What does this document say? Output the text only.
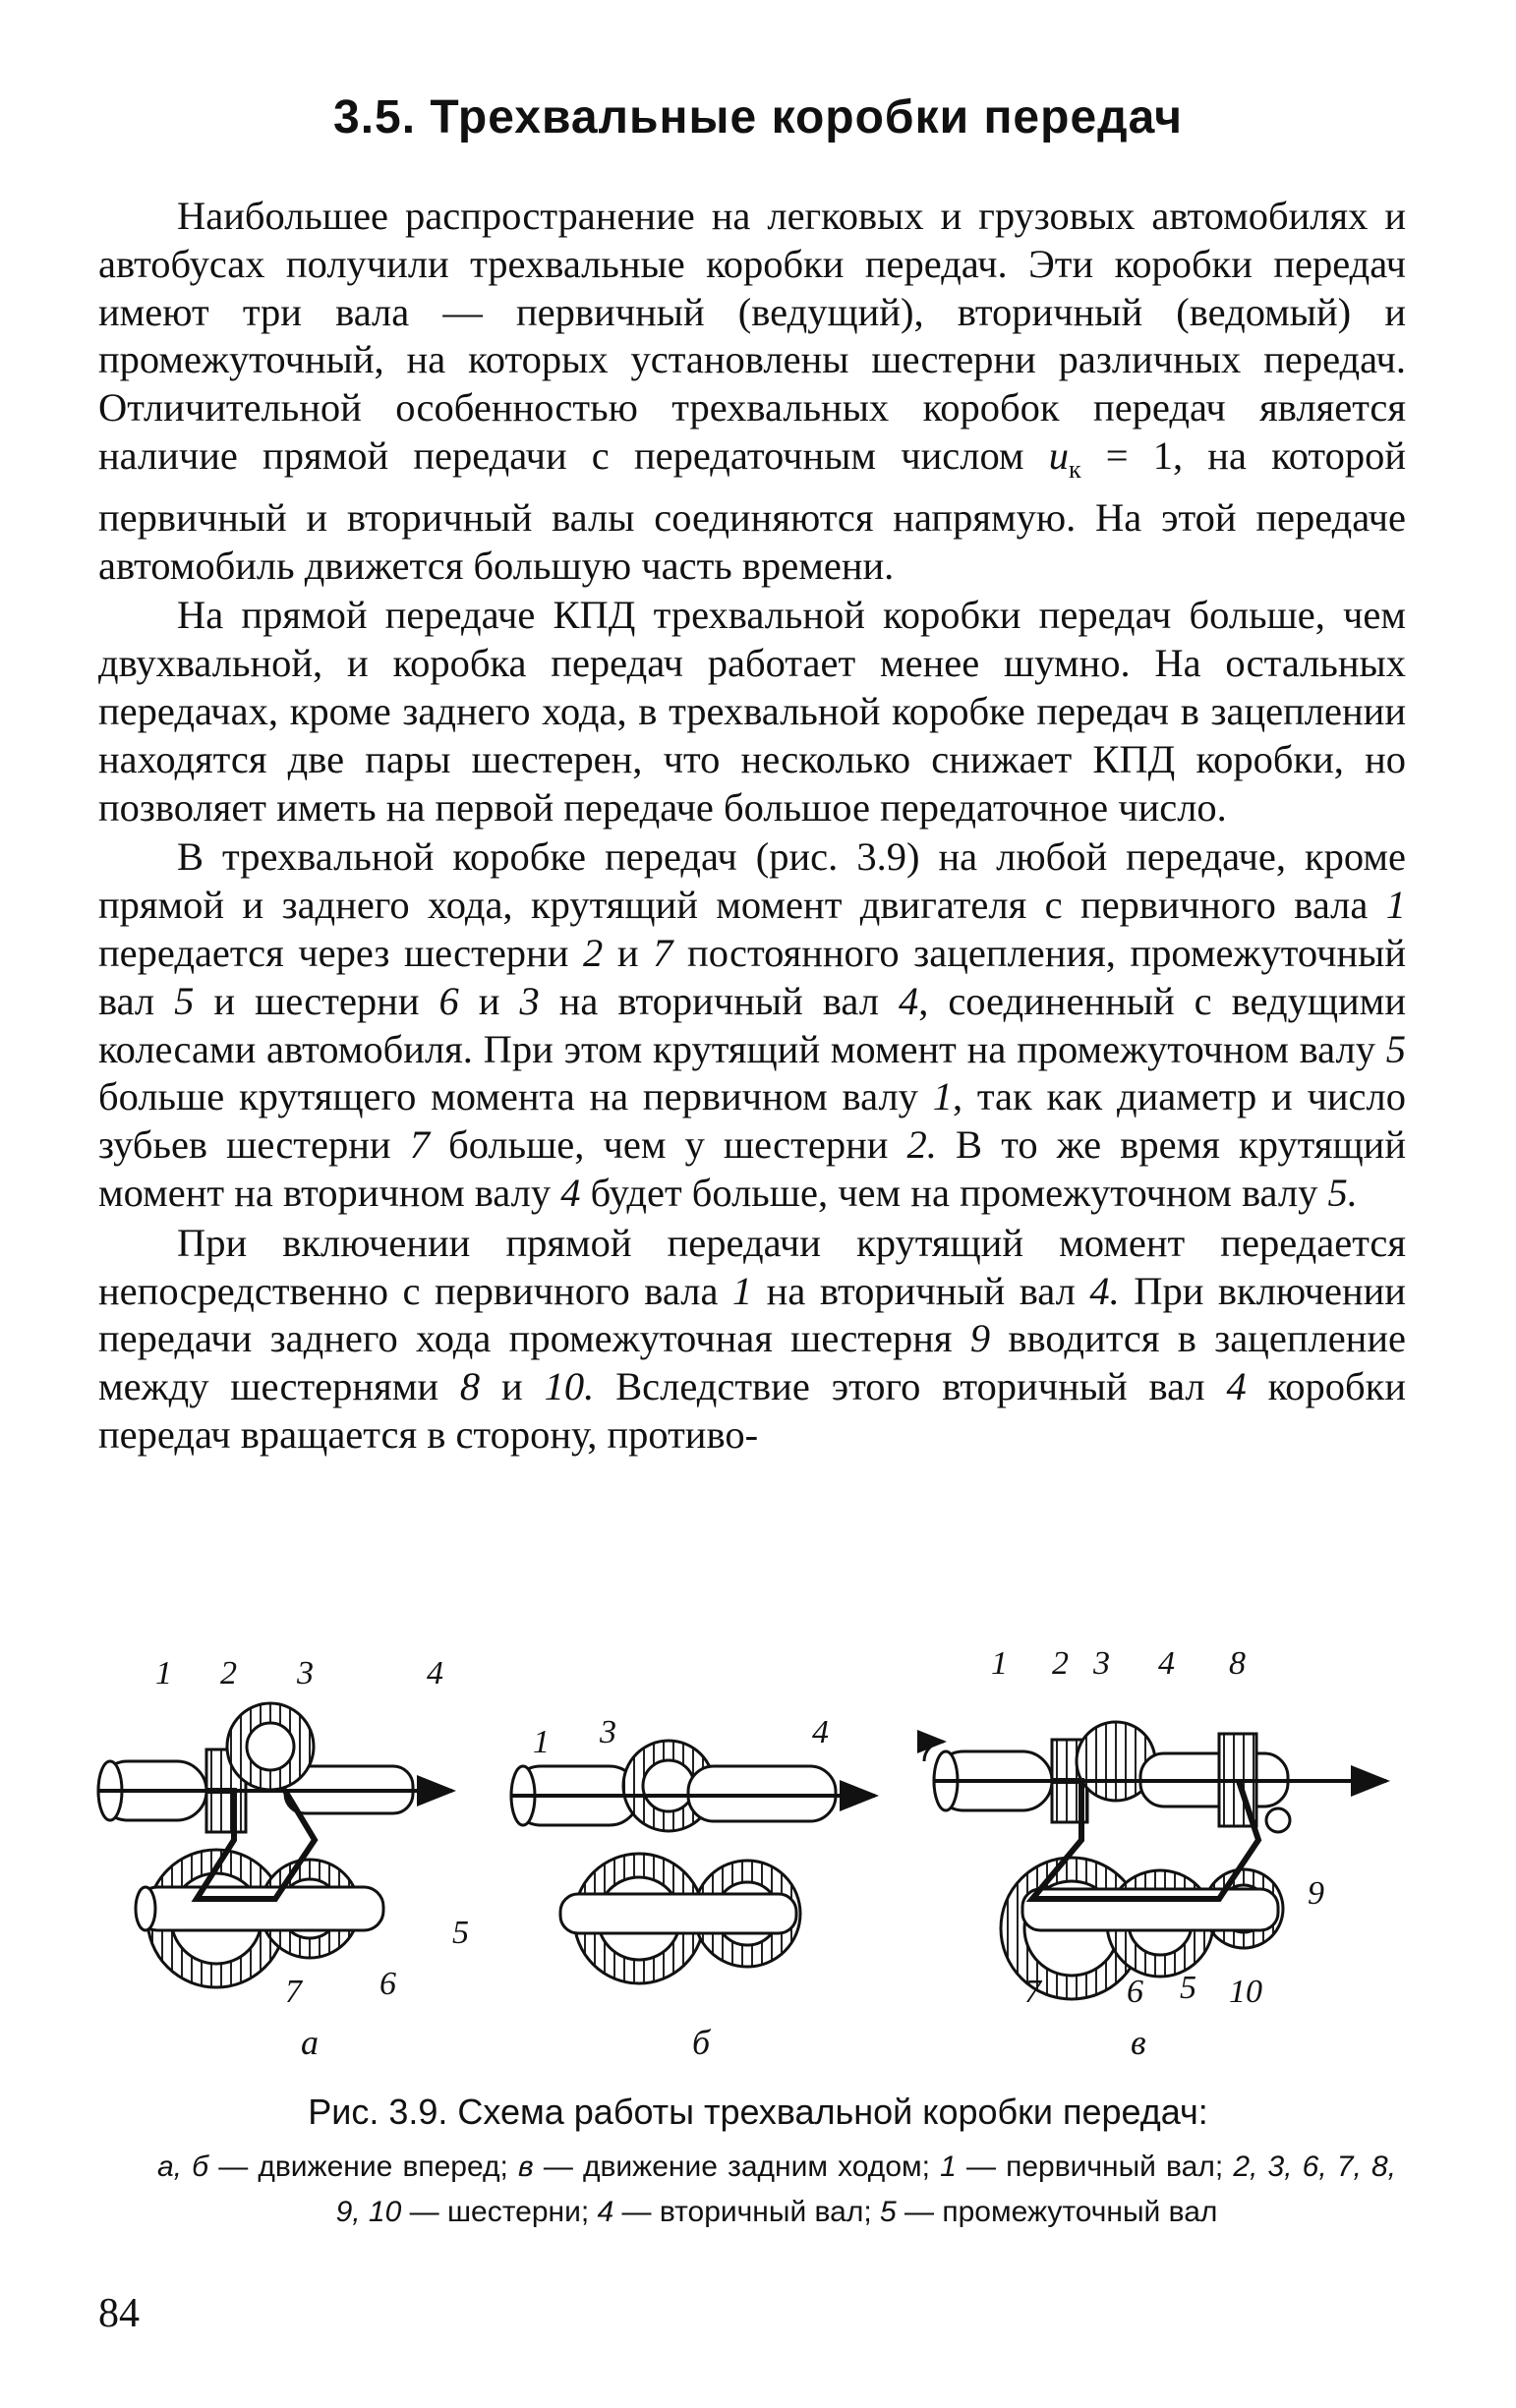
3.5. Трехвальные коробки передач

Наибольшее распространение на легковых и грузовых автомобилях и автобусах получили трехвальные коробки передач. Эти коробки передач имеют три вала — первичный (ведущий), вторичный (ведомый) и промежуточный, на которых установлены шестерни различных передач. Отличительной особенностью трехвальных коробок передач является наличие прямой передачи с передаточным числом $u_к = 1$, на которой первичный и вторичный валы соединяются напрямую. На этой передаче автомобиль движется большую часть времени.

На прямой передаче КПД трехвальной коробки передач больше, чем двухвальной, и коробка передач работает менее шумно. На остальных передачах, кроме заднего хода, в трехвальной коробке передач в зацеплении находятся две пары шестерен, что несколько снижает КПД коробки, но позволяет иметь на первой передаче большое передаточное число.

В трехвальной коробке передач (рис. 3.9) на любой передаче, кроме прямой и заднего хода, крутящий момент двигателя с первичного вала 1 передается через шестерни 2 и 7 постоянного зацепления, промежуточный вал 5 и шестерни 6 и 3 на вторичный вал 4, соединенный с ведущими колесами автомобиля. При этом крутящий момент на промежуточном валу 5 больше крутящего момента на первичном валу 1, так как диаметр и число зубьев шестерни 7 больше, чем у шестерни 2. В то же время крутящий момент на вторичном валу 4 будет больше, чем на промежуточном валу 5.

При включении прямой передачи крутящий момент передается непосредственно с первичного вала 1 на вторичный вал 4. При включении передачи заднего хода промежуточная шестерня 9 вводится в зацепление между шестернями 8 и 10. Вследствие этого вторичный вал 4 коробки передач вращается в сторону, противо-

1 2 3	4
5
6
7
а
1 3	4
б
1 2 3 4 8
9
7	6 5 10
в
Рис. 3.9. Схема работы трехвальной коробки передач:
а, б — движение вперед; в — движение задним ходом; 1 — первичный вал; 2, 3, 6, 7, 8, 9, 10 — шестерни; 4 — вторичный вал; 5 — промежуточный вал
84
